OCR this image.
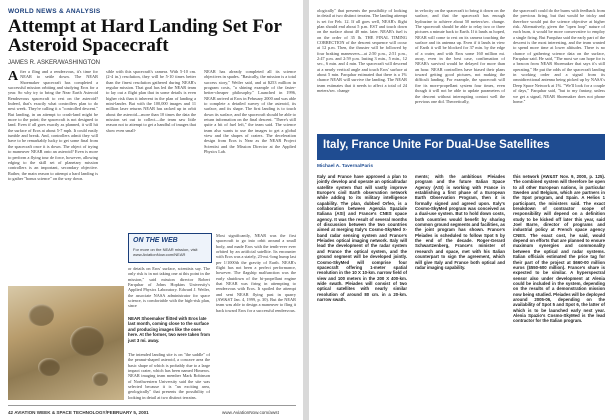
WORLD NEWS & ANALYSIS
Attempt at Hard Landing Set For Asteroid Spacecraft
JAMES R. ASKER/WASHINGTON
After a fling and a rendezvous, it's time for NEAR to settle down. The NEAR Shoemaker spacecraft has completed a successful mission orbiting and studying Eros for a year. So why try to bring the Near Earth Asteroid Rendezvous spacecraft to rest on the asteroid? Indeed, that's exactly what controllers plan to do next week. They're calling it a "controlled descent." But landing, in an attempt to crash-land might be more to the point; the spacecraft is not designed to land. Even if all goes exactly as planned, it will hit the surface of Eros at about 5-7 mph. It could easily tumble and break. And, controllers admit they will have to be remarkably lucky to get some final from the spacecraft once it is down. The object of trying to maneuver NEAR onto an asteroid? Even is more to perform a flying tour de force, however, allowing edging to the skill set of planetary mission controllers is an important, secondary objective. Rather, the main reason to attempt a hard landing is to gather "bonus science" on the way down.
sible with this spacecraft's camera. With 5-10 cm. (2-4 in.) resolution, they will be 5-10 times better than the finest resolution gathered during NEAR's regular mission. That goal has led the NEAR team to lay out a flight plan that in some details is even higher risk than it inherent in the plan of landing a mini-lander. But with the 100,000 images and 11 million laser returns NEAR has racked up in orbit about the asteroid—more than 10 times the data the mission set out to collect—the team saw little reason not to attempt to get a handful of images that show even small-
NEAR has already completed all its science objectives in spades. "Basically, the mission is a total success story," Weiler said, and at $253 million in program costs, "a shining example of the faster-better-cheaper philosophy." Launched in 1996, NEAR arrived at Eros in February 2000 and was able to complete a detailed survey of the asteroid, its surface, and its shape. The first landing is to touch down its surface, and the spacecraft should be able to return information on the final descent. "There's still quite a bit of fuel left," the team said. The science team also wants to use the images to get a global view and the shapes of craters. The deceleration design from Eros is Near as the NEAR Project Scientist and the Mission Director at the Applied Physics Lab.
ON THE WEB
For more on the NEAR mission, visit www.AviationNow.com/NEAR
Most significantly, NEAR was the first spacecraft to go into orbit around a small body, and made Eros with the tenth-ever ever orbited by an artificial satellite. Its encounter with Eros was a stately, 23-mi.-long hump last per 1/1000th the gravity of Earth. NEAR's flight has not been a perfect performance, however. The flagship malfunction was the early shutdown of the bi-propellant engine that NEAR was firing in attempting to rendezvous with Eros. It spoiled the attempt and sent NEAR flying past in quarry (AW&ST Jan. 4, 1999, p. 30). But the NEAR team was able to design a maneuver to fling it back toward Eros for a successful rendezvous.
NEAR Shoemaker flitted with Eros late last month, coming close to the surface and producing images like the ones here. At the former, two were taken from just 3 mi. away.
or details on Eros' surface, scientists say. The only risk is in not taking one at this point in the mission," said mission director Robert Farquhar of Johns Hopkins University's Applied Physics Laboratory. Edward J. Weiler, the associate NASA administrator for space science, is comfortable with the high-risk plan, since
The intended landing site is on "the saddle" of the peanut-shaped asteroid, a concave area the basic shape of which is probably due to a large impact crater, which has been named Himeros. NEAR imaging team member Mark Robinson of Northwestern University said the site was selected because it is "an exciting area, geologically" that presents the possibility of looking in detail at two distinct terrains.
42 AVIATION WEEK & SPACE TECHNOLOGY/FEBRUARY 5, 2001	www.AviationNow.com/awst
ologically" that presents the possibility of looking in detail at two distinct terrains. The landing attempt is set for Feb. 12. If all goes well, NEAR's flight plan should end about 5 p.m. EST and touch down on the surface about 40 min. later. NEAR's fuel is on the order of 35 lb. THE FINAL TIMING CORRECTION of the descent sequence will occur at 12 p.m. Then, the thruster will be followed by four braking maneuvers—at 2:50 p.m., 2:51 p.m., 2:47 p.m. and 2:59 p.m. lasting 3 min., 5 min., 12 sec., 6 min. and 4 min. The spacecraft will descend at a nearly vertical angle and touch Eros' surface at about 5 min. Farquhar estimated that there is a 1% chance NEAR will survive the landing. The NEAR team estimates that it needs to affect a total of 24 meters/sec. change
in velocity on the spacecraft to bring it down on the surface, and that the spacecraft has enough hydrazine to achieve about 50 meters/sec. change. The spacecraft should be able to relay two or three pictures a minute back to Earth. If it lands as hoped, NEAR will come to rest on its camera touching the surface and its antenna up. Even if it lands in view of Earth it will be blocked for 37 min. by the edge of a crater, and with Eros some 160 million mi. away, even in the best case, confirmation of NEAR's survival would be delayed for more than an hour. NEAR controllers have biased their plans toward getting good pictures, not making the difficult landing. For example, the spacecraft will fire its more-propellant system four times, even though it will not be able to update parameters of the descent without interrupting contact well the previous one did. Theoretically,
the spacecraft could do the burns with feedback from the previous firing, but that would be tricky and therefore would put the science objective at higher risk. Alternatively, given the "open loop" nature of each burn, it would be more conservative to employ a single firing. But Farquhar said the early part of the descent is the most interesting, and the team wanted to spend more time at lower altitudes. There is no chance of gathering science data on the surface, Farquhar said. He said, "The most we can hope for is a beacon from NEAR Shoemaker that says it's still operating." He put the odds of the spacecraft landing in working order and a signal from its omnidirectional antenna being picked up by NASA's Deep Space Network at 1%. "We'll look for a couple of days," Farquhar said, "but to my fantasy, unless we get a signal, NEAR Shoemaker does not phone home."
Italy, France Unite For Dual-Use Satellites
Michael A. Taverna/Paris
Italy and France have approved a plan to jointly develop and operate an optical/radar satellite system that will vastly improve Europe's civil Earth observation network while adding to its military intelligence capability. The plan, dubbed Orfeo, is a collaboration between Agenzia Spaziale Italiana (ASI) and France's CNES space agency. It was the result of several months of discussion between the two countries aimed at merging Italy's Cosmo-SkyMed X-band radar sensing system and France's Pleiades optical imaging network. Italy will lead the development of the radar system and France the optical system, and the ground segment will be developed jointly. Cosmo-SkyMed will comprise four spacecraft offering 1-meter spatial resolution in the 10 X 10-km. narrow field of view and 100 meters in the 200 X 400-km. wide swath. Pleiades will consist of two optical satellites with nearly similar resolution of around 80 cm. in a 20-km. narrow swath.
ments; with the ambitious Pleiades program and the future Italian Space Agency (ASI) is working with France in establishing a first phase of a European Earth Observation Program, then it is formally signed and agreed upon. Italy's Cosmo-SkyMed program was conceived as a dual-use system. But to hold down costs, both countries would benefit by sharing common ground segments and facilities, as the joint program has shown. France's Pleiades is scheduled to follow Spot 5 by the end of the decade. Roger-Gerard Schwartzenberg, France's minister of research and space, met with his Italian counterpart to sign the agreement, which will give Italy and France both optical and radar imaging capability.
this network (AW&ST Nov. 9, 2000, p. 125). The combined system will therefore be open to all other European nations, in particular Sweden and Belgium, which are partners in the Spot program, and Spain. A Helios 1 participant, the ministers said. The exact breakdown of contractor scope of responsibility will depend on a definition study to be kicked off later this year, said Joel Barre, director of programs and industrial policy at French space agency CNES. The exact cost, he said, would depend on efforts that are planned to ensure maximum synergies and commonality between the optical and radar systems. Italian officials estimated the price tag for their part of the project at $660-00 million euros ($550-600 million). France's share is expected to be similar. A hyperspectral sensor also under development at Alenia could be included in the system, depending on the results of a demonstration mission now being studied. Pleiades will be deployed around 2005-06, depending on the availability of Spot 5 and Spot 6, the latter of which is to be launched early next year. Alenia Spazio's Cosmo-SkyMed is the lead contractor for the Italian program.
